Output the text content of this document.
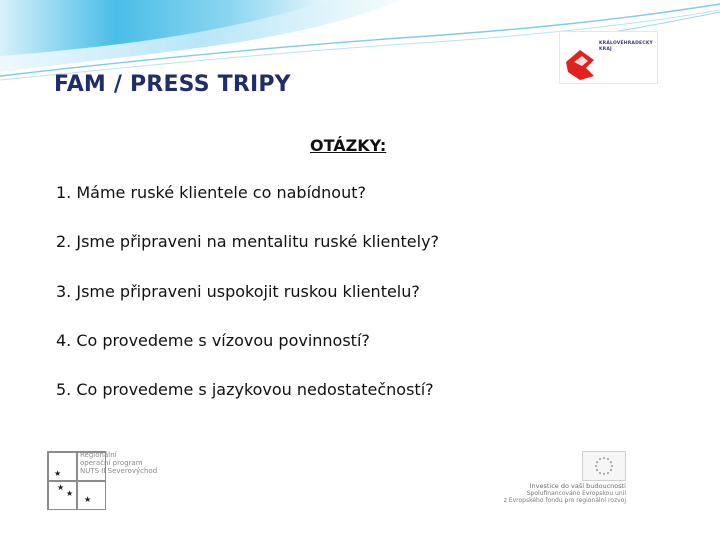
KRÁLOVÉHRADECKÝ KRAJ
FAM / PRESS TRIPY
OTÁZKY:
1. Máme ruské klientele co nabídnout?
2. Jsme připraveni na mentalitu ruské klientely?
3. Jsme připraveni uspokojit ruskou klientelu?
4. Co provedeme s vízovou povinností?
5. Co provedeme s jazykovou nedostatečností?
★
★
★
★
Regionální
operační program
NUTS II Severovýchod
Investice do vaší budoucnosti
Spolufinancováno Evropskou unií
z Evropského fondu pro regionální rozvoj
